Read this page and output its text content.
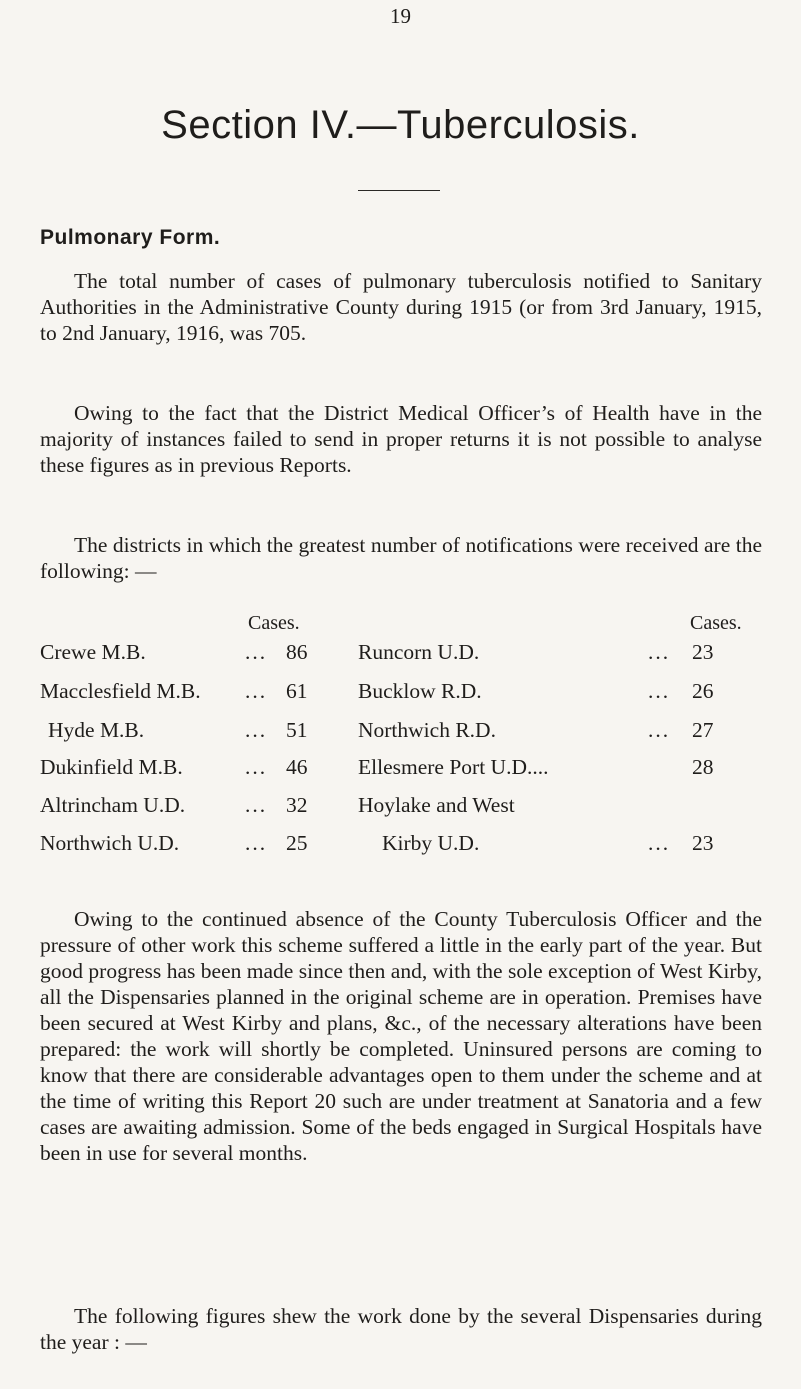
19
Section IV.—Tuberculosis.
Pulmonary Form.

The total number of cases of pulmonary tuberculosis notified to Sanitary Authorities in the Administrative County during 1915 (or from 3rd January, 1915, to 2nd January, 1916, was 705.

Owing to the fact that the District Medical Officer’s of Health have in the majority of instances failed to send in proper returns it is not possible to analyse these figures as in previous Reports.

The districts in which the greatest number of notifications were received are the following: —

Cases.	Cases.
Crewe M.B.	... 86
Macclesfield M.B. ... 61
Hyde M.B.	... 51
Dukinfield M.B.	... 46
Altrincham U.D.	... 32
Northwich U.D.	... 25
Runcorn U.D.	... 23
Bucklow R.D.	... 26
Northwich R.D.	... 27
Ellesmere Port U.D....	28
Hoylake and West
Kirby U.D.	... 23

Owing to the continued absence of the County Tuberculosis Officer and the pressure of other work this scheme suffered a little in the early part of the year. But good progress has been made since then and, with the sole exception of West Kirby, all the Dispensaries planned in the original scheme are in operation. Premises have been secured at West Kirby and plans, &c., of the necessary alterations have been prepared: the work will shortly be completed. Uninsured persons are coming to know that there are considerable advantages open to them under the scheme and at the time of writing this Report 20 such are under treatment at Sanatoria and a few cases are awaiting admission. Some of the beds engaged in Surgical Hospitals have been in use for several months.

The following figures shew the work done by the several Dispensaries during the year : —
